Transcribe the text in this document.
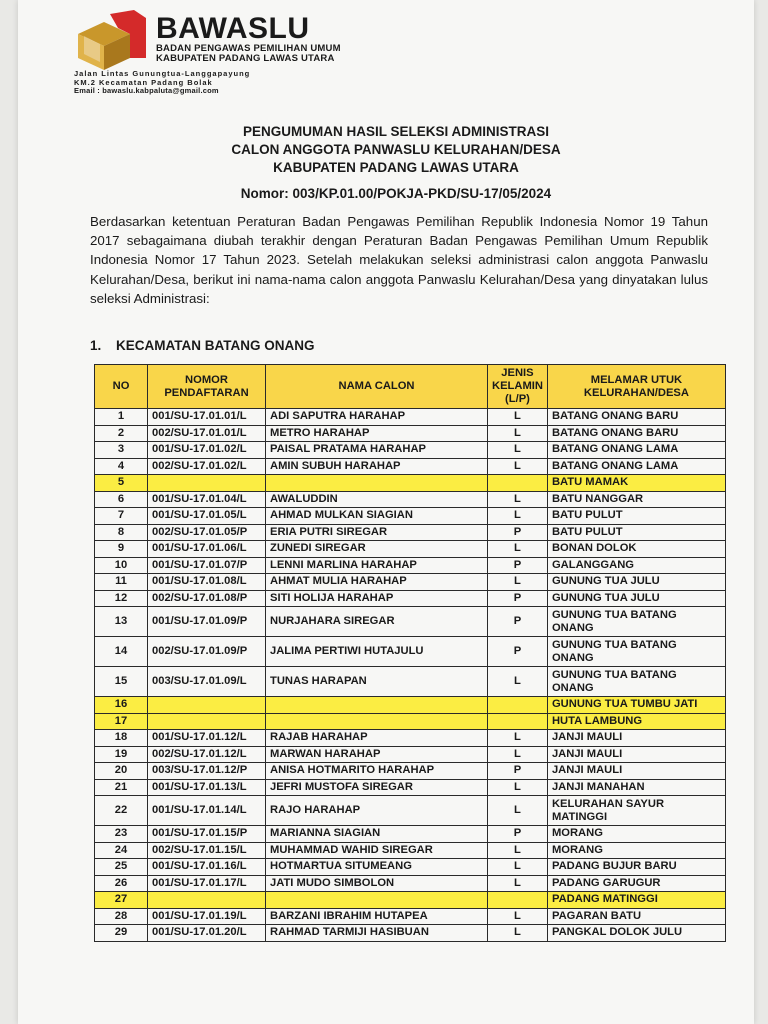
BAWASLU
BADAN PENGAWAS PEMILIHAN UMUM
KABUPATEN PADANG LAWAS UTARA
Jalan Lintas Gunungtua-Langgapayung
KM.2 Kecamatan Padang Bolak
Email : bawaslu.kabpaluta@gmail.com
PENGUMUMAN HASIL SELEKSI ADMINISTRASI
CALON ANGGOTA PANWASLU KELURAHAN/DESA
KABUPATEN PADANG LAWAS UTARA
Nomor: 003/KP.01.00/POKJA-PKD/SU-17/05/2024

Berdasarkan ketentuan Peraturan Badan Pengawas Pemilihan Republik Indonesia Nomor 19 Tahun 2017 sebagaimana diubah terakhir dengan Peraturan Badan Pengawas Pemilihan Umum Republik Indonesia Nomor 17 Tahun 2023. Setelah melakukan seleksi administrasi calon anggota Panwaslu Kelurahan/Desa, berikut ini nama-nama calon anggota Panwaslu Kelurahan/Desa yang dinyatakan lulus seleksi Administrasi:

1. KECAMATAN BATANG ONANG
NO	NOMOR PENDAFTARAN	NAMA CALON	JENIS KELAMIN (L/P)	MELAMAR UTUK KELURAHAN/DESA
1	001/SU-17.01.01/L	ADI SAPUTRA HARAHAP	L	BATANG ONANG BARU
2	002/SU-17.01.01/L	METRO HARAHAP	L	BATANG ONANG BARU
3	001/SU-17.01.02/L	PAISAL PRATAMA HARAHAP	L	BATANG ONANG LAMA
4	002/SU-17.01.02/L	AMIN SUBUH HARAHAP	L	BATANG ONANG LAMA
5				BATU MAMAK
6	001/SU-17.01.04/L	AWALUDDIN	L	BATU NANGGAR
7	001/SU-17.01.05/L	AHMAD MULKAN SIAGIAN	L	BATU PULUT
8	002/SU-17.01.05/P	ERIA PUTRI SIREGAR	P	BATU PULUT
9	001/SU-17.01.06/L	ZUNEDI SIREGAR	L	BONAN DOLOK
10	001/SU-17.01.07/P	LENNI MARLINA HARAHAP	P	GALANGGANG
11	001/SU-17.01.08/L	AHMAT MULIA HARAHAP	L	GUNUNG TUA JULU
12	002/SU-17.01.08/P	SITI HOLIJA HARAHAP	P	GUNUNG TUA JULU
13	001/SU-17.01.09/P	NURJAHARA SIREGAR	P	GUNUNG TUA BATANG ONANG
14	002/SU-17.01.09/P	JALIMA PERTIWI HUTAJULU	P	GUNUNG TUA BATANG ONANG
15	003/SU-17.01.09/L	TUNAS HARAPAN	L	GUNUNG TUA BATANG ONANG
16				GUNUNG TUA TUMBU JATI
17				HUTA LAMBUNG
18	001/SU-17.01.12/L	RAJAB HARAHAP	L	JANJI MAULI
19	002/SU-17.01.12/L	MARWAN HARAHAP	L	JANJI MAULI
20	003/SU-17.01.12/P	ANISA HOTMARITO HARAHAP	P	JANJI MAULI
21	001/SU-17.01.13/L	JEFRI MUSTOFA SIREGAR	L	JANJI MANAHAN
22	001/SU-17.01.14/L	RAJO HARAHAP	L	KELURAHAN SAYUR MATINGGI
23	001/SU-17.01.15/P	MARIANNA SIAGIAN	P	MORANG
24	002/SU-17.01.15/L	MUHAMMAD WAHID SIREGAR	L	MORANG
25	001/SU-17.01.16/L	HOTMARTUA SITUMEANG	L	PADANG BUJUR BARU
26	001/SU-17.01.17/L	JATI MUDO SIMBOLON	L	PADANG GARUGUR
27				PADANG MATINGGI
28	001/SU-17.01.19/L	BARZANI IBRAHIM HUTAPEA	L	PAGARAN BATU
29	001/SU-17.01.20/L	RAHMAD TARMIJI HASIBUAN	L	PANGKAL DOLOK JULU
